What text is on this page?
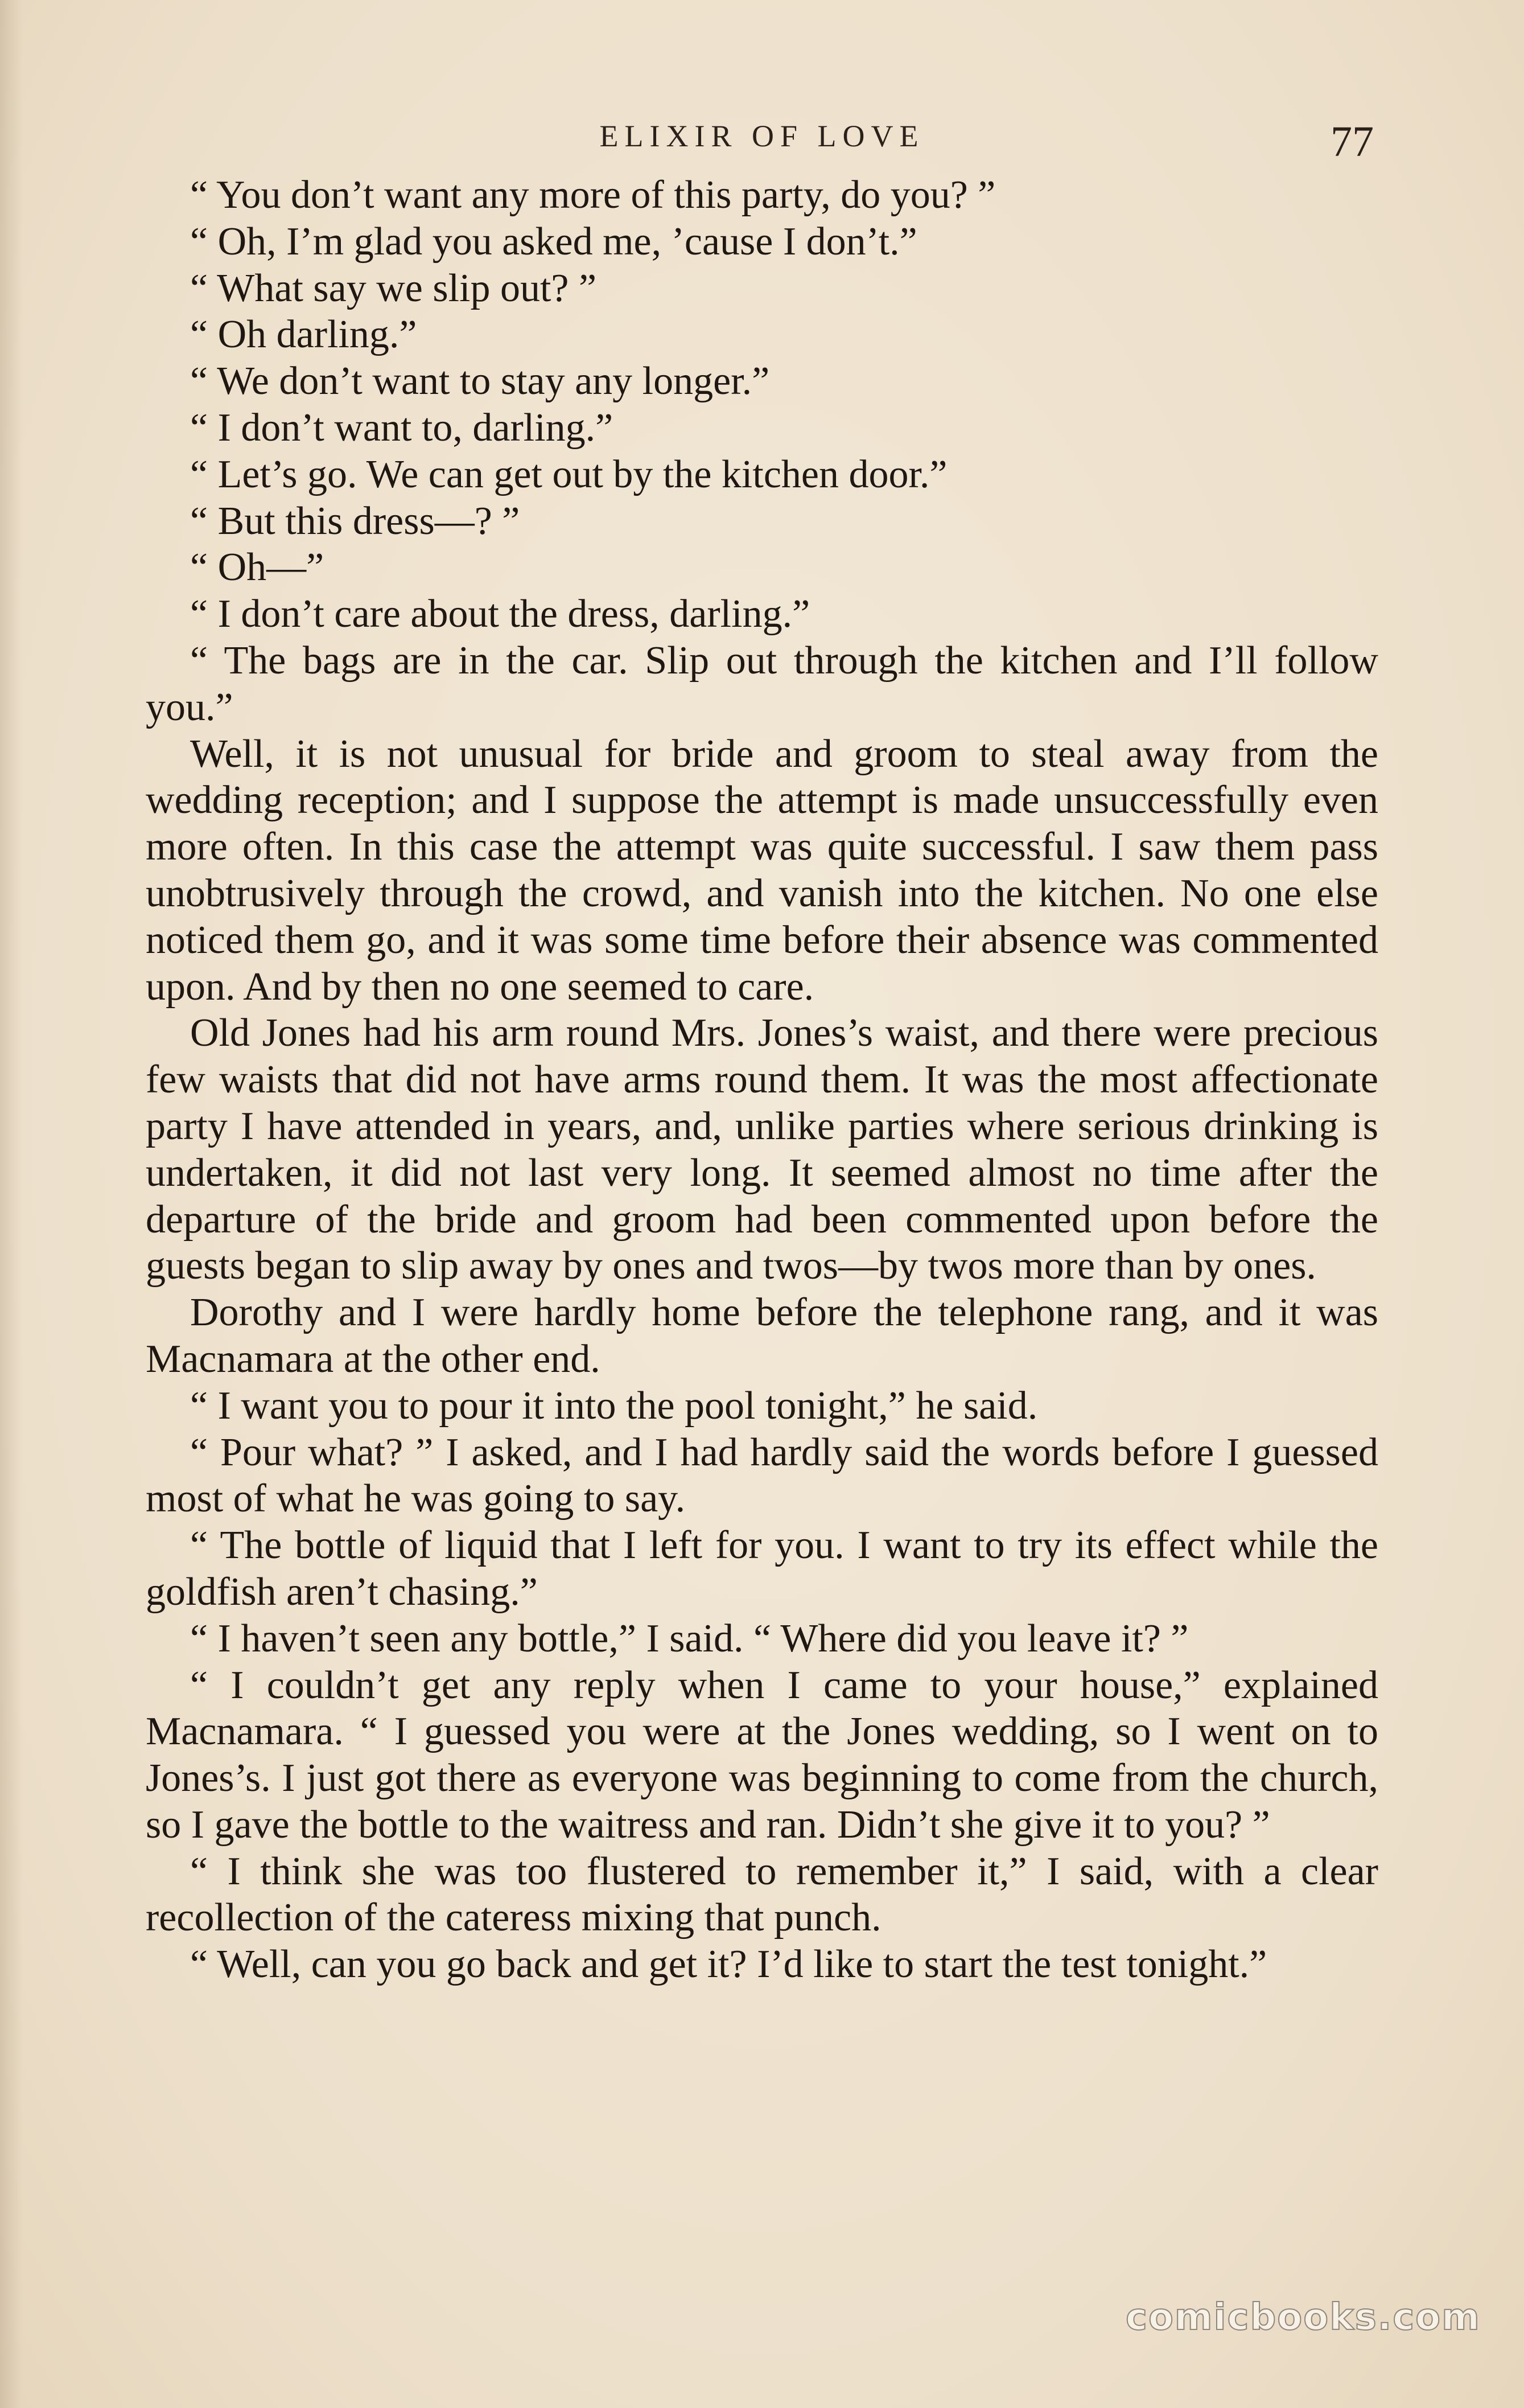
ELIXIR OF LOVE	77

“ You don’t want any more of this party, do you? ”

“ Oh, I’m glad you asked me, ’cause I don’t.”

“ What say we slip out? ”

“ Oh darling.”

“ We don’t want to stay any longer.”

“ I don’t want to, darling.”

“ Let’s go. We can get out by the kitchen door.”

“ But this dress—? ”

“ Oh—”

“ I don’t care about the dress, darling.”

“ The bags are in the car. Slip out through the kitchen and I’ll follow you.”

Well, it is not unusual for bride and groom to steal away from the wedding reception; and I suppose the attempt is made unsuccessfully even more often. In this case the attempt was quite successful. I saw them pass unobtrusively through the crowd, and vanish into the kitchen. No one else noticed them go, and it was some time before their absence was commented upon. And by then no one seemed to care.

Old Jones had his arm round Mrs. Jones’s waist, and there were precious few waists that did not have arms round them. It was the most affectionate party I have attended in years, and, unlike parties where serious drinking is undertaken, it did not last very long. It seemed almost no time after the departure of the bride and groom had been commented upon before the guests began to slip away by ones and twos—by twos more than by ones.

Dorothy and I were hardly home before the telephone rang, and it was Macnamara at the other end.

“ I want you to pour it into the pool tonight,” he said.

“ Pour what? ” I asked, and I had hardly said the words before I guessed most of what he was going to say.

“ The bottle of liquid that I left for you. I want to try its effect while the goldfish aren’t chasing.”

“ I haven’t seen any bottle,” I said. “ Where did you leave it? ”

“ I couldn’t get any reply when I came to your house,” explained Macnamara. “ I guessed you were at the Jones wedding, so I went on to Jones’s. I just got there as everyone was beginning to come from the church, so I gave the bottle to the waitress and ran. Didn’t she give it to you? ”

“ I think she was too flustered to remember it,” I said, with a clear recollection of the cateress mixing that punch.

“ Well, can you go back and get it? I’d like to start the test tonight.”

comicbooks.com
